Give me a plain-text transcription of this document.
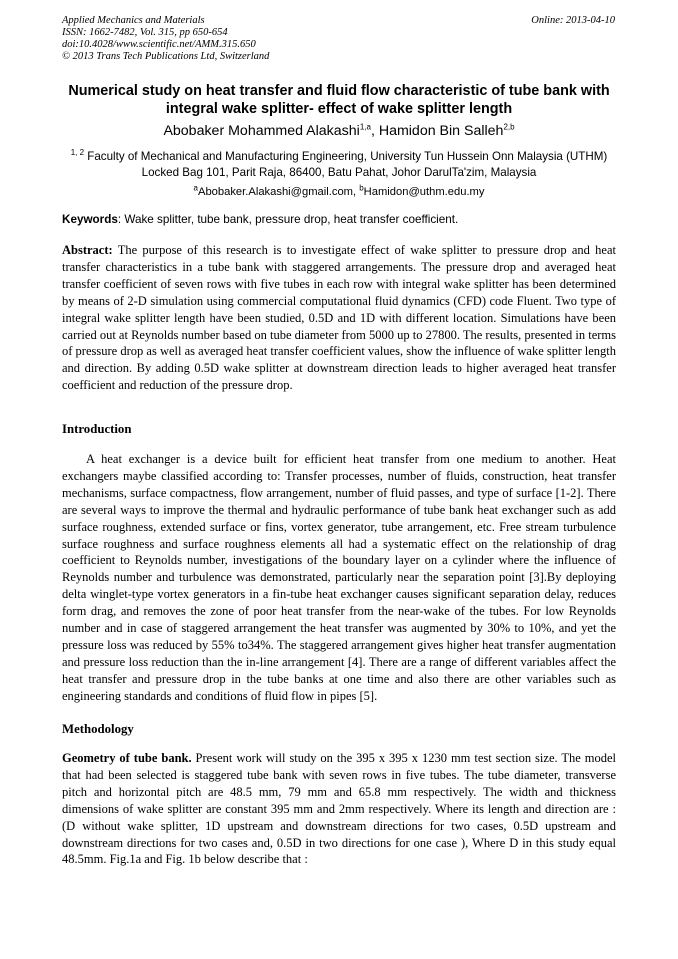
Applied Mechanics and Materials
ISSN: 1662-7482, Vol. 315, pp 650-654
doi:10.4028/www.scientific.net/AMM.315.650
© 2013 Trans Tech Publications Ltd, Switzerland
Online: 2013-04-10
Numerical study on heat transfer and fluid flow characteristic of tube bank with integral wake splitter- effect of wake splitter length
Abobaker Mohammed Alakashi$^{1,a}$, Hamidon Bin Salleh$^{2,b}$
$^{1, 2}$ Faculty of Mechanical and Manufacturing Engineering, University Tun Hussein Onn Malaysia (UTHM) Locked Bag 101, Parit Raja, 86400, Batu Pahat, Johor DarulTa'zim, Malaysia
$^a$Abobaker.Alakashi@gmail.com, $^b$Hamidon@uthm.edu.my
Keywords: Wake splitter, tube bank, pressure drop, heat transfer coefficient.
Abstract: The purpose of this research is to investigate effect of wake splitter to pressure drop and heat transfer characteristics in a tube bank with staggered arrangements. The pressure drop and averaged heat transfer coefficient of seven rows with five tubes in each row with integral wake splitter has been determined by means of 2-D simulation using commercial computational fluid dynamics (CFD) code Fluent. Two type of integral wake splitter length have been studied, 0.5D and 1D with different location. Simulations have been carried out at Reynolds number based on tube diameter from 5000 up to 27800. The results, presented in terms of pressure drop as well as averaged heat transfer coefficient values, show the influence of wake splitter length and direction. By adding 0.5D wake splitter at downstream direction leads to higher averaged heat transfer coefficient and reduction of the pressure drop.
Introduction
A heat exchanger is a device built for efficient heat transfer from one medium to another. Heat exchangers maybe classified according to: Transfer processes, number of fluids, construction, heat transfer mechanisms, surface compactness, flow arrangement, number of fluid passes, and type of surface [1-2]. There are several ways to improve the thermal and hydraulic performance of tube bank heat exchanger such as add surface roughness, extended surface or fins, vortex generator, tube arrangement, etc. Free stream turbulence surface roughness and surface roughness elements all had a systematic effect on the relationship of drag coefficient to Reynolds number, investigations of the boundary layer on a cylinder where the influence of Reynolds number and turbulence was demonstrated, particularly near the separation point [3].By deploying delta winglet-type vortex generators in a fin-tube heat exchanger causes significant separation delay, reduces form drag, and removes the zone of poor heat transfer from the near-wake of the tubes. For low Reynolds number and in case of staggered arrangement the heat transfer was augmented by 30% to 10%, and yet the pressure loss was reduced by 55% to34%. The staggered arrangement gives higher heat transfer augmentation and pressure loss reduction than the in-line arrangement [4]. There are a range of different variables affect the heat transfer and pressure drop in the tube banks at one time and also there are other variables such as engineering standards and conditions of fluid flow in pipes [5].
Methodology
Geometry of tube bank. Present work will study on the 395 x 395 x 1230 mm test section size. The model that had been selected is staggered tube bank with seven rows in five tubes. The tube diameter, transverse pitch and horizontal pitch are 48.5 mm, 79 mm and 65.8 mm respectively. The width and thickness dimensions of wake splitter are constant 395 mm and 2mm respectively. Where its length and direction are : (D without wake splitter, 1D upstream and downstream directions for two cases, 0.5D upstream and downstream directions for two cases and, 0.5D in two directions for one case ), Where D in this study equal 48.5mm. Fig.1a and Fig. 1b below describe that :
